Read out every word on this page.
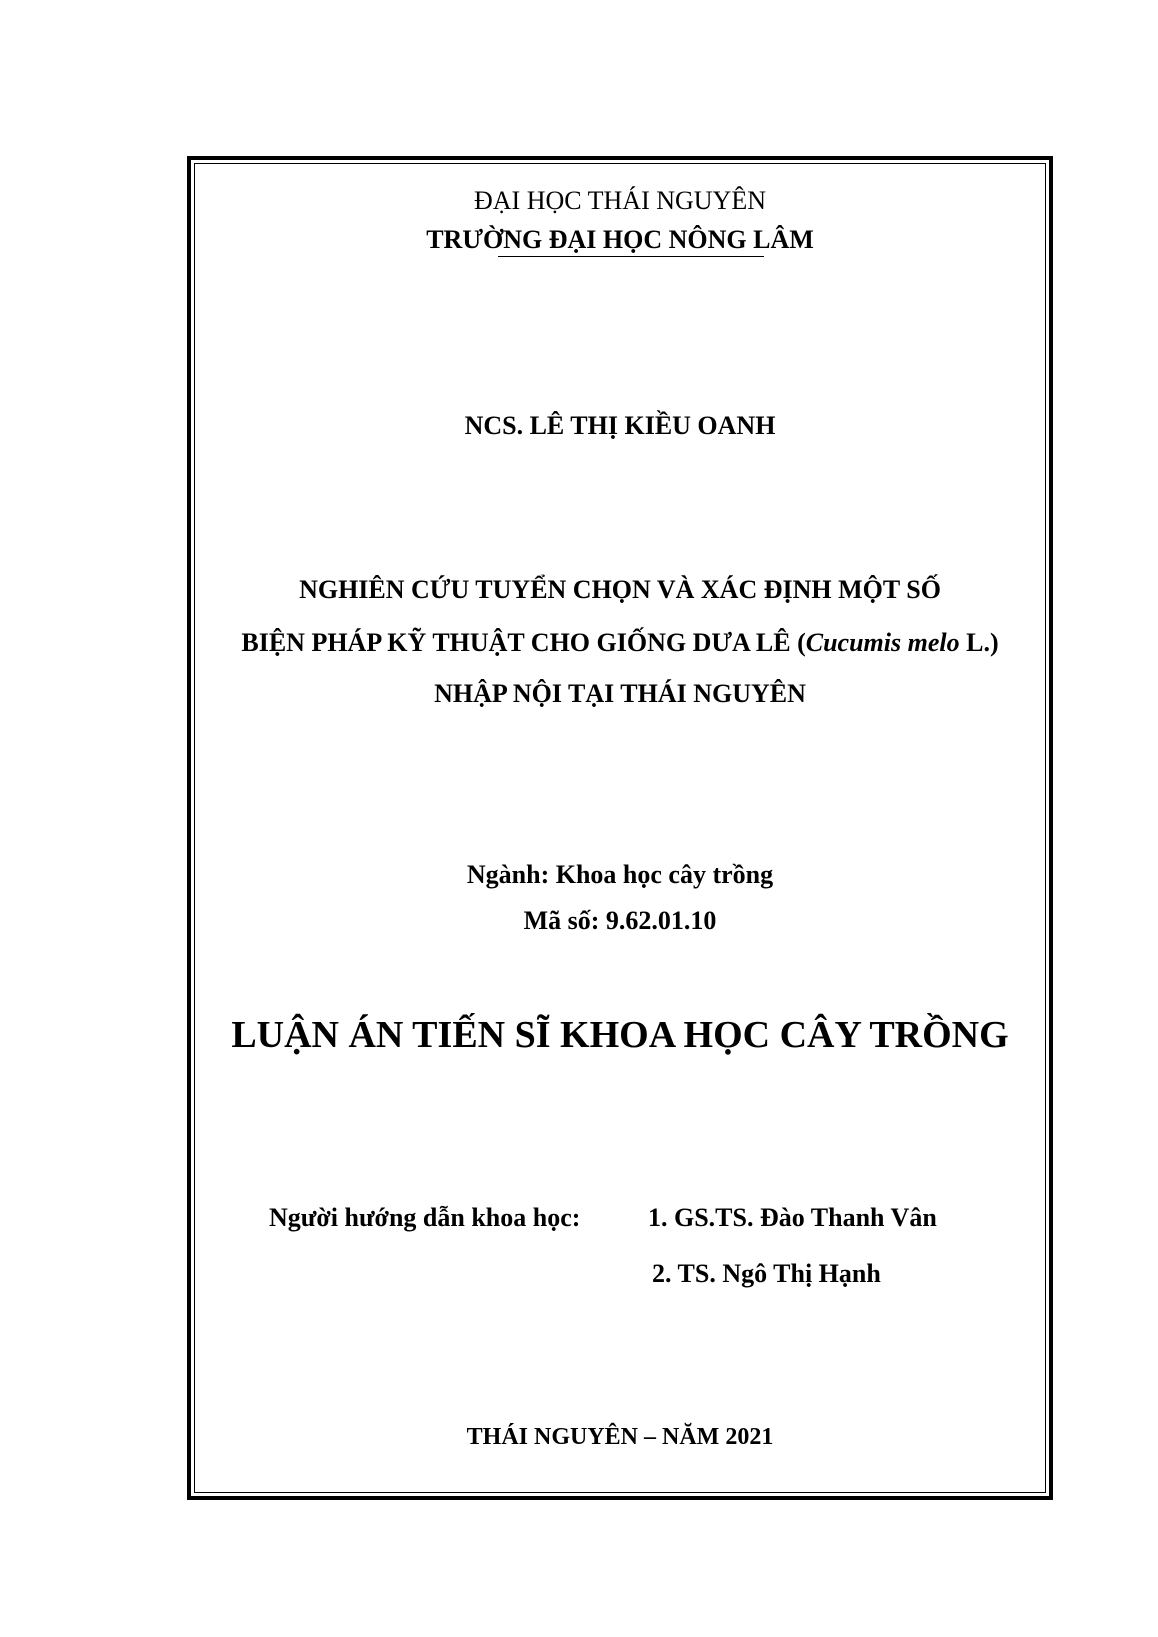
ĐẠI HỌC THÁI NGUYÊN
TRƯỜNG ĐẠI HỌC NÔNG LÂM
NCS. LÊ THỊ KIỀU OANH
NGHIÊN CỨU TUYỂN CHỌN VÀ XÁC ĐỊNH MỘT SỐ
BIỆN PHÁP KỸ THUẬT CHO GIỐNG DƯA LÊ (Cucumis melo L.)
NHẬP NỘI TẠI THÁI NGUYÊN
Ngành: Khoa học cây trồng
Mã số: 9.62.01.10
LUẬN ÁN TIẾN SĨ KHOA HỌC CÂY TRỒNG
Người hướng dẫn khoa học:	1. GS.TS. Đào Thanh Vân
2. TS. Ngô Thị Hạnh
THÁI NGUYÊN – NĂM 2021
